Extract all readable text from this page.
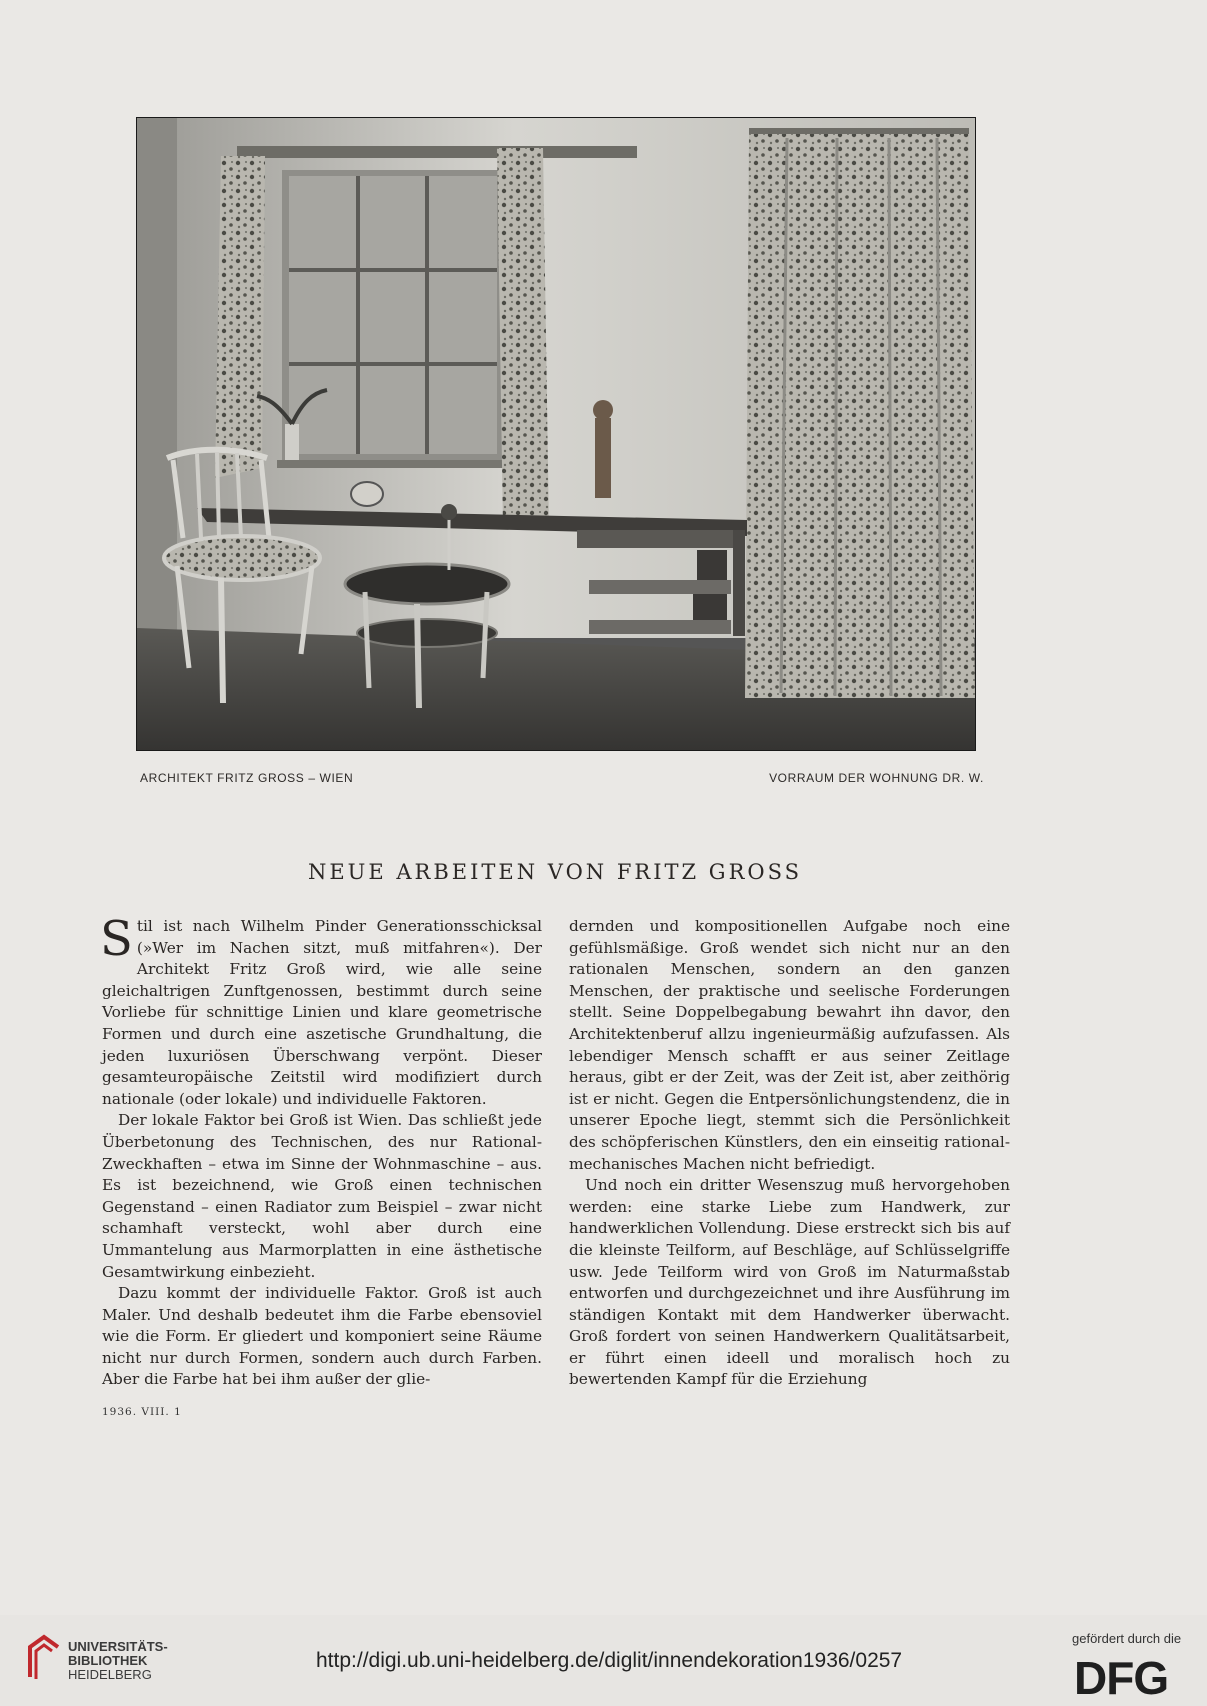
ARCHITEKT FRITZ GROSS – WIEN	VORRAUM DER WOHNUNG DR. W.
NEUE ARBEITEN VON FRITZ GROSS

Stil ist nach Wilhelm Pinder Generationsschicksal (»Wer im Nachen sitzt, muß mitfahren«). Der Architekt Fritz Groß wird, wie alle seine gleichaltrigen Zunftgenossen, bestimmt durch seine Vorliebe für schnittige Linien und klare geometrische Formen und durch eine aszetische Grundhaltung, die jeden luxuriösen Überschwang verpönt. Dieser gesamteuropäische Zeitstil wird modifiziert durch nationale (oder lokale) und individuelle Faktoren.

Der lokale Faktor bei Groß ist Wien. Das schließt jede Überbetonung des Technischen, des nur Rational-Zweckhaften – etwa im Sinne der Wohnmaschine – aus. Es ist bezeichnend, wie Groß einen technischen Gegenstand – einen Radiator zum Beispiel – zwar nicht schamhaft versteckt, wohl aber durch eine Ummantelung aus Marmorplatten in eine ästhetische Gesamtwirkung einbezieht.

Dazu kommt der individuelle Faktor. Groß ist auch Maler. Und deshalb bedeutet ihm die Farbe ebensoviel wie die Form. Er gliedert und komponiert seine Räume nicht nur durch Formen, sondern auch durch Farben. Aber die Farbe hat bei ihm außer der glie-

dernden und kompositionellen Aufgabe noch eine gefühlsmäßige. Groß wendet sich nicht nur an den rationalen Menschen, sondern an den ganzen Menschen, der praktische und seelische Forderungen stellt. Seine Doppelbegabung bewahrt ihn davor, den Architektenberuf allzu ingenieurmäßig aufzufassen. Als lebendiger Mensch schafft er aus seiner Zeitlage heraus, gibt er der Zeit, was der Zeit ist, aber zeithörig ist er nicht. Gegen die Entpersönlichungstendenz, die in unserer Epoche liegt, stemmt sich die Persönlichkeit des schöpferischen Künstlers, den ein einseitig rational-mechanisches Machen nicht befriedigt.

Und noch ein dritter Wesenszug muß hervorgehoben werden: eine starke Liebe zum Handwerk, zur handwerklichen Vollendung. Diese erstreckt sich bis auf die kleinste Teilform, auf Beschläge, auf Schlüsselgriffe usw. Jede Teilform wird von Groß im Naturmaßstab entworfen und durchgezeichnet und ihre Ausführung im ständigen Kontakt mit dem Handwerker überwacht. Groß fordert von seinen Handwerkern Qualitätsarbeit, er führt einen ideell und moralisch hoch zu bewertenden Kampf für die Erziehung

1936. VIII. 1
UNIVERSITÄTS-
BIBLIOTHEK
HEIDELBERG
http://digi.ub.uni-heidelberg.de/diglit/innendekoration1936/0257
gefördert durch die
DFG
